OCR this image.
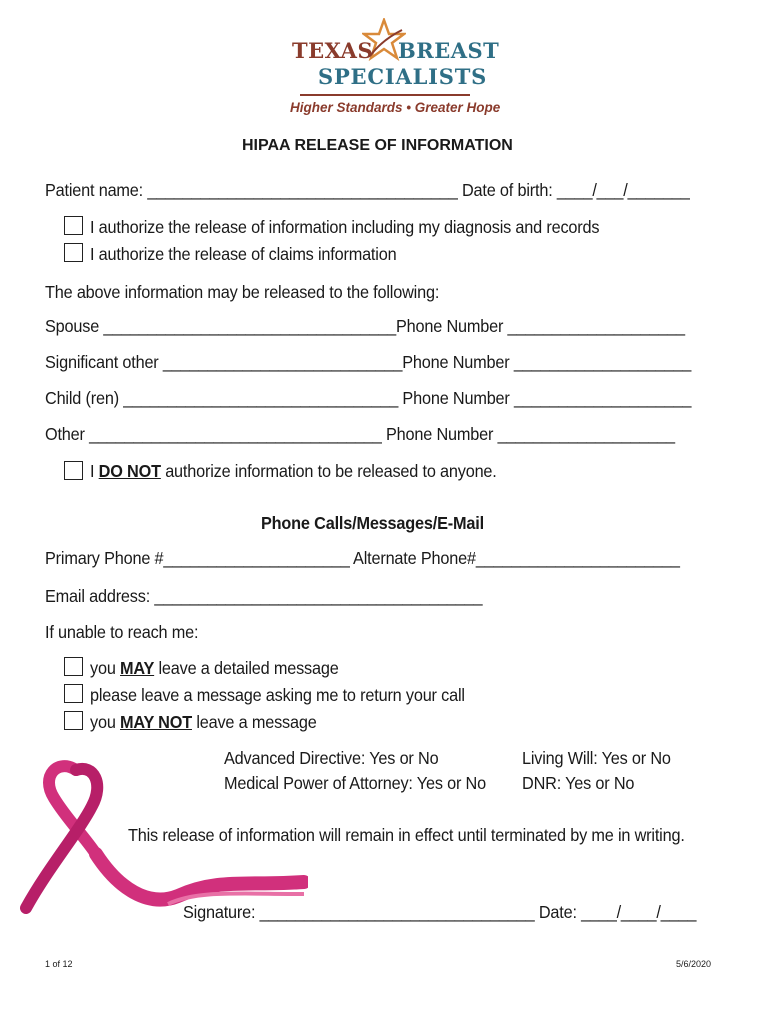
TEXAS BREAST
SPECIALISTS
Higher Standards • Greater Hope
HIPAA RELEASE OF INFORMATION
Patient name: ___________________________________ Date of birth: ____/___/_______
I authorize the release of information including my diagnosis and records
I authorize the release of claims information
The above information may be released to the following:
Spouse _________________________________Phone Number ____________________
Significant other ___________________________Phone Number ____________________
Child (ren) _______________________________ Phone Number ____________________
Other _________________________________ Phone Number ____________________
I DO NOT authorize information to be released to anyone.
Phone Calls/Messages/E-Mail
Primary Phone #_____________________ Alternate Phone#_______________________
Email address: _____________________________________
If unable to reach me:
you MAY leave a detailed message
please leave a message asking me to return your call
you MAY NOT leave a message
Advanced Directive: Yes or No
Medical Power of Attorney: Yes or No
Living Will: Yes or No
DNR: Yes or No
This release of information will remain in effect until terminated by me in writing.
Signature: _______________________________ Date: ____/____/____
1 of 12	5/6/2020
